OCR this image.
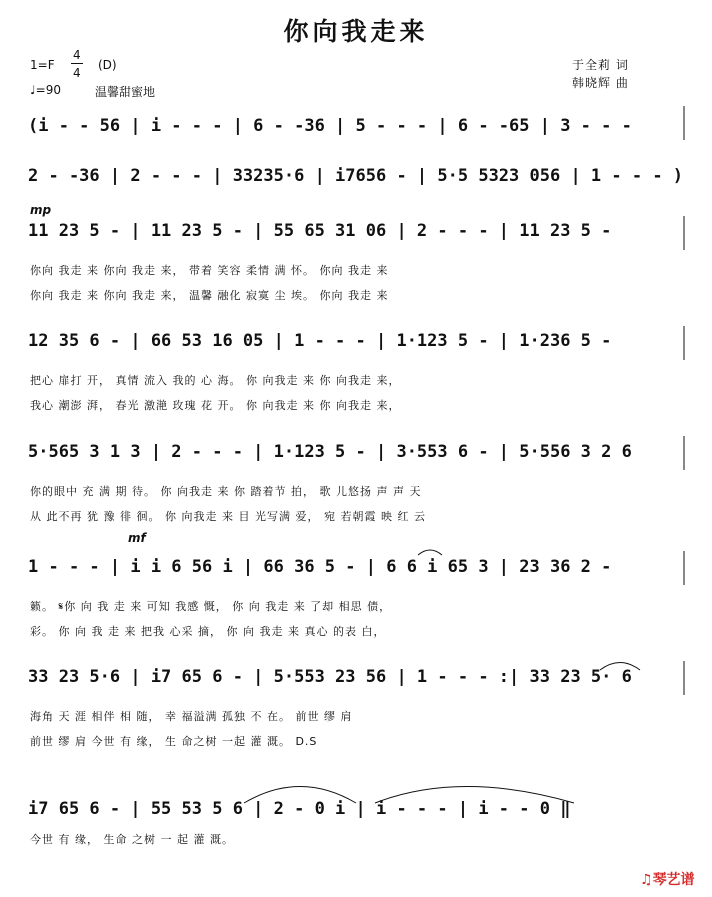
你向我走来
1=F
4
4
(D)
♩=90	温馨甜蜜地
于全莉 词
韩晓辉 曲
(i - - 56 | i - - - | 6 - -36 | 5 - - - | 6 - -65 | 3 - - -
2 - -36 | 2 - - - | 33235·6 | i7656 - | 5·5 5323 056 | 1 - - - )
mp
11 23 5 - | 11 23 5 - | 55 65 31 06 | 2 - - - | 11 23 5 -
你向 我走 来 你向 我走 来， 带着 笑容 柔情 满 怀。 你向 我走 来
你向 我走 来 你向 我走 来， 温馨 融化 寂寞 尘 埃。 你向 我走 来
12 35 6 - | 66 53 16 05 | 1 - - - | 1·123 5 - | 1·236 5 -
把心 扉打 开， 真情 流入 我的 心 海。 你 向我走 来 你 向我走 来，
我心 潮澎 湃， 春光 激滟 玫瑰 花 开。 你 向我走 来 你 向我走 来，
5·565 3 1 3 | 2 - - - | 1·123 5 - | 3·553 6 - | 5·556 3 2 6
你的眼中 充 满 期 待。 你 向我走 来 你 踏着节 拍， 歌 儿悠扬 声 声 天
从 此不再 犹 豫 徘 徊。 你 向我走 来 目 光写满 爱， 宛 若朝霞 映 红 云
mf
1 - - - | i i 6 56 i | 66 36 5 - | 6 6 i 65 3 | 23 36 2 -
籁。 𝄋你 向 我 走 来 可知 我感 慨， 你 向 我走 来 了却 相思 债，
彩。 你 向 我 走 来 把我 心采 摘， 你 向 我走 来 真心 的表 白，
33 23 5·6 | i7 65 6 - | 5·553 23 56 | 1 - - - :| 33 23 5· 6
海角 天 涯 相伴 相 随， 幸 福溢满 孤独 不 在。 前世 缪 肩
前世 缪 肩 今世 有 缘， 生 命之树 一起 灌 溉。 D.S
i7 65 6 - | 55 53 5 6 | 2 - 0 i | i - - - | i - - 0 ‖
今世 有 缘， 生命 之树 一 起 灌 溉。
♫琴艺谱
